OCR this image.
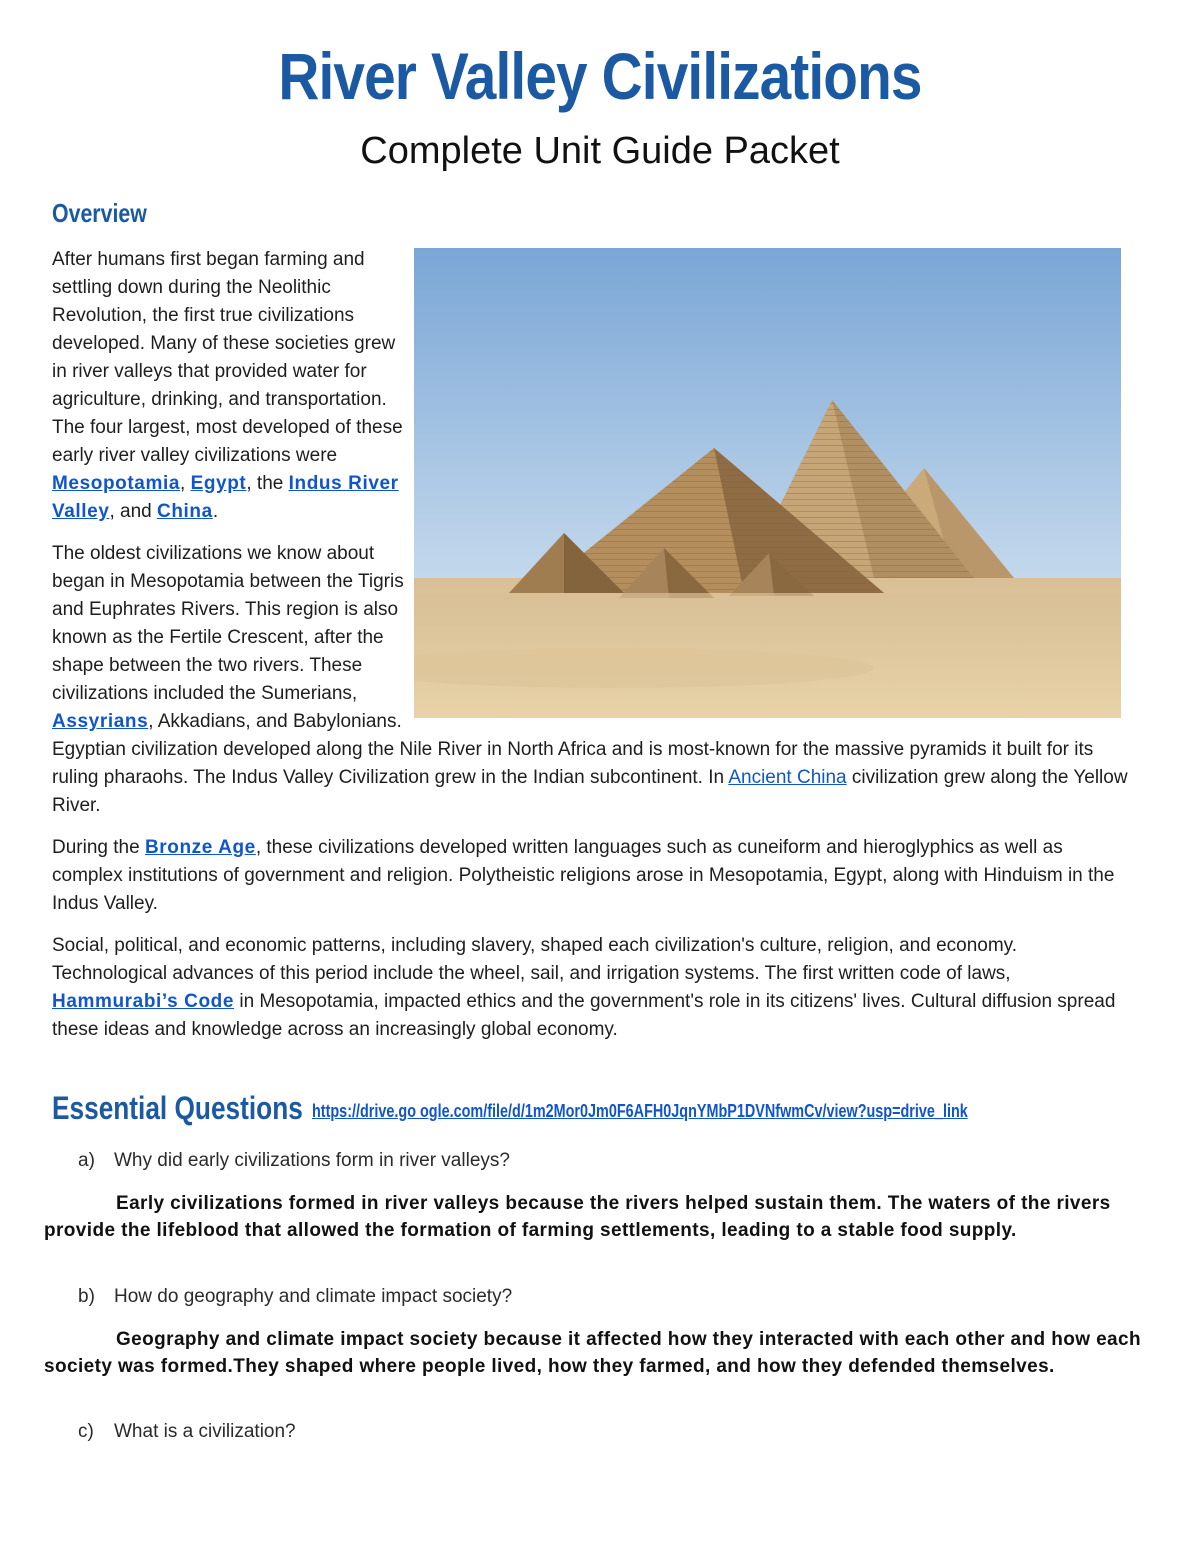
River Valley Civilizations
Complete Unit Guide Packet
Overview

After humans first began farming and settling down during the Neolithic Revolution, the first true civilizations developed. Many of these societies grew in river valleys that provided water for agriculture, drinking, and transportation. The four largest, most developed of these early river valley civilizations were Mesopotamia, Egypt, the Indus River Valley, and China.

The oldest civilizations we know about began in Mesopotamia between the Tigris and Euphrates Rivers. This region is also known as the Fertile Crescent, after the shape between the two rivers. These civilizations included the Sumerians, Assyrians, Akkadians, and Babylonians. Egyptian civilization developed along the Nile River in North Africa and is most-known for the massive pyramids it built for its ruling pharaohs. The Indus Valley Civilization grew in the Indian subcontinent. In Ancient China civilization grew along the Yellow River.

During the Bronze Age, these civilizations developed written languages such as cuneiform and hieroglyphics as well as complex institutions of government and religion. Polytheistic religions arose in Mesopotamia, Egypt, along with Hinduism in the Indus Valley.

Social, political, and economic patterns, including slavery, shaped each civilization's culture, religion, and economy. Technological advances of this period include the wheel, sail, and irrigation systems. The first written code of laws, Hammurabi’s Code in Mesopotamia, impacted ethics and the government's role in its citizens' lives. Cultural diffusion spread these ideas and knowledge across an increasingly global economy.

Essential Questions https://drive.go ogle.com/file/d/1m2Mor0Jm0F6AFH0JqnYMbP1DVNfwmCv/view?usp=drive_link
a) Why did early civilizations form in river valleys?
Early civilizations formed in river valleys because the rivers helped sustain them. The waters of the rivers provide the lifeblood that allowed the formation of farming settlements, leading to a stable food supply.
b) How do geography and climate impact society?
Geography and climate impact society because it affected how they interacted with each other and how each society was formed.They shaped where people lived, how they farmed, and how they defended themselves.
c) What is a civilization?
